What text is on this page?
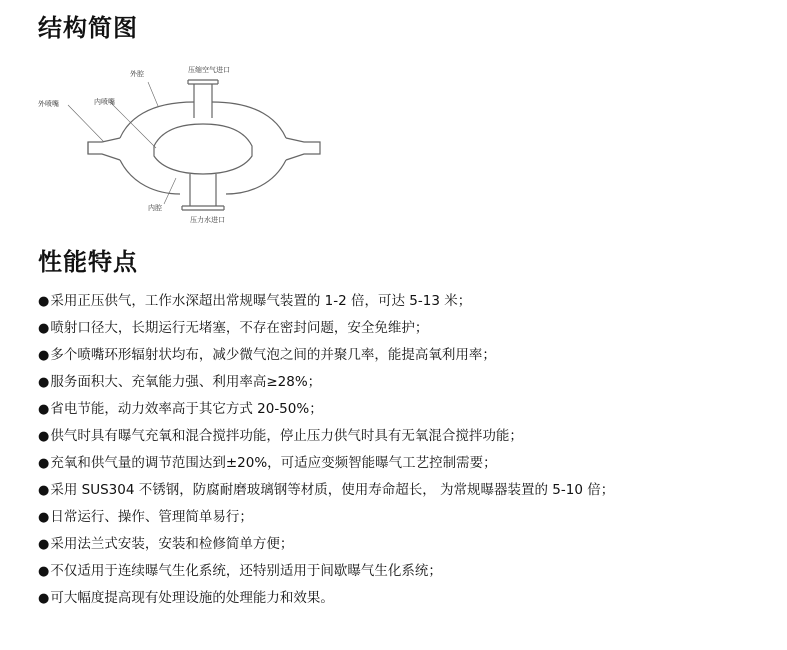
结构简图
外喷嘴	内喷嘴
外腔	压缩空气进口
内腔
压力水进口
性能特点
●采用正压供气，工作水深超出常规曝气装置的 1-2 倍，可达 5-13 米；
●喷射口径大，长期运行无堵塞，不存在密封问题，安全免维护；
●多个喷嘴环形辐射状均布，减少微气泡之间的并聚几率，能提高氧利用率；
●服务面积大、充氧能力强、利用率高≥28%；
●省电节能，动力效率高于其它方式 20-50%；
●供气时具有曝气充氧和混合搅拌功能，停止压力供气时具有无氧混合搅拌功能；
●充氧和供气量的调节范围达到±20%，可适应变频智能曝气工艺控制需要；
●采用 SUS304 不锈钢，防腐耐磨玻璃钢等材质，使用寿命超长， 为常规曝器装置的 5-10 倍；
●日常运行、操作、管理简单易行；
●采用法兰式安装，安装和检修简单方便；
●不仅适用于连续曝气生化系统，还特别适用于间歇曝气生化系统；
●可大幅度提高现有处理设施的处理能力和效果。
